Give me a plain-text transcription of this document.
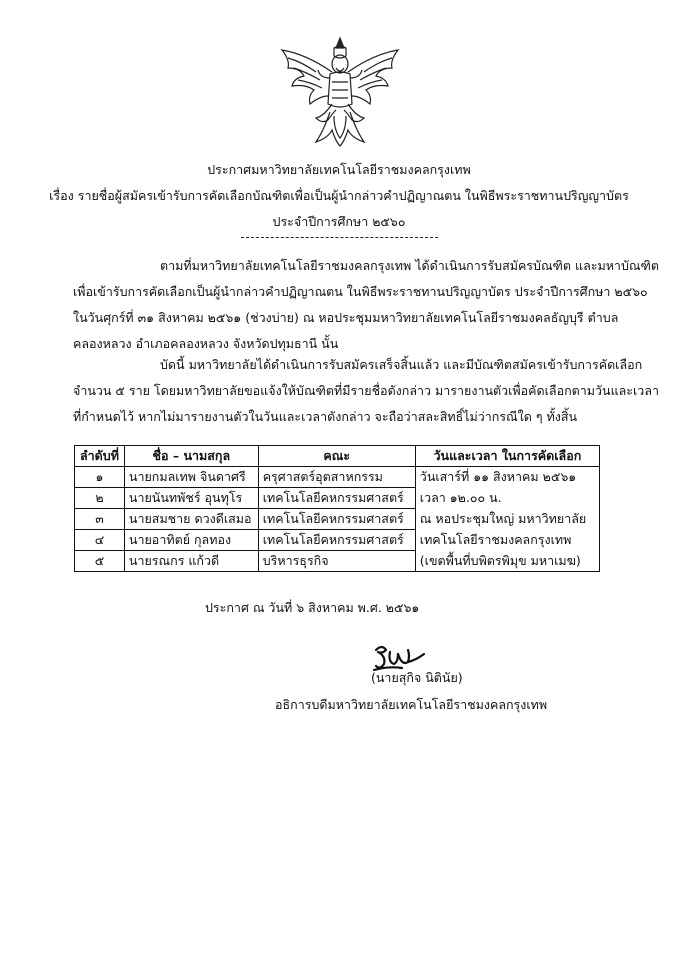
ประกาศมหาวิทยาลัยเทคโนโลยีราชมงคลกรุงเทพ
เรื่อง รายชื่อผู้สมัครเข้ารับการคัดเลือกบัณฑิตเพื่อเป็นผู้นำกล่าวคำปฏิญาณตน ในพิธีพระราชทานปริญญาบัตร
ประจำปีการศึกษา ๒๕๖๐
ตามที่มหาวิทยาลัยเทคโนโลยีราชมงคลกรุงเทพ ได้ดำเนินการรับสมัครบัณฑิต และมหาบัณฑิต
เพื่อเข้ารับการคัดเลือกเป็นผู้นำกล่าวคำปฏิญาณตน ในพิธีพระราชทานปริญญาบัตร ประจำปีการศึกษา ๒๕๖๐
ในวันศุกร์ที่ ๓๑ สิงหาคม ๒๕๖๑ (ช่วงบ่าย) ณ หอประชุมมหาวิทยาลัยเทคโนโลยีราชมงคลธัญบุรี ตำบล
คลองหลวง อำเภอคลองหลวง จังหวัดปทุมธานี นั้น
บัดนี้ มหาวิทยาลัยได้ดำเนินการรับสมัครเสร็จสิ้นแล้ว และมีบัณฑิตสมัครเข้ารับการคัดเลือก
จำนวน ๕ ราย โดยมหาวิทยาลัยขอแจ้งให้บัณฑิตที่มีรายชื่อดังกล่าว มารายงานตัวเพื่อคัดเลือกตามวันและเวลา
ที่กำหนดไว้ หากไม่มารายงานตัวในวันและเวลาดังกล่าว จะถือว่าสละสิทธิ์ไม่ว่ากรณีใด ๆ ทั้งสิ้น
ลำดับที่	ชื่อ – นามสกุล	คณะ	วันและเวลา ในการคัดเลือก
๑	นายกมลเทพ จินดาศรี	ครุศาสตร์อุตสาหกรรม	วันเสาร์ที่ ๑๑ สิงหาคม ๒๕๖๑
๒	นายนันทพัชร์ อุนทุโร	เทคโนโลยีคหกรรมศาสตร์	เวลา ๑๒.๐๐ น.
๓	นายสมชาย ดวงดีเสมอ	เทคโนโลยีคหกรรมศาสตร์	ณ หอประชุมใหญ่ มหาวิทยาลัย
๔	นายอาทิตย์ กุลทอง	เทคโนโลยีคหกรรมศาสตร์	เทคโนโลยีราชมงคลกรุงเทพ
๕	นายรณกร แก้วดี	บริหารธุรกิจ	(เขตพื้นที่บพิตรพิมุข มหาเมฆ)
ประกาศ ณ วันที่ ๖ สิงหาคม พ.ศ. ๒๕๖๑
(นายสุกิจ นิตินัย)
อธิการบดีมหาวิทยาลัยเทคโนโลยีราชมงคลกรุงเทพ
